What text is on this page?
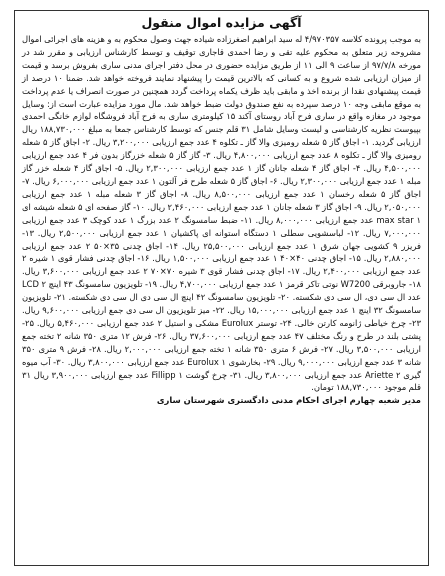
آگهی مزایده اموال منقول

به موجب پرونده کلاسه ۴/۹۷۰۳۵۷ له سید ابراهیم اصغرزاده شیاده جهت وصول محکوم به و هزینه های اجرائی اموال مشروحه زیر متعلق به محکوم علیه تقی و رضا احمدی قاجاری توقیف و توسط کارشناس ارزیابی و مقرر شد در مورخه ۹۷/۷/۸ از ساعت ۹ الی ۱۱ از طریق مزایده حضوری در محل دفتر اجرای مدنی ساری بفروش برسد و قیمت از میزان ارزیابی شده شروع و به کسانی که بالاترین قیمت را پیشنهاد نمایند فروخته خواهد شد. ضمنا ۱۰ درصد از قیمت پیشنهادی نقدا از برنده اخذ و مابقی باید ظرف یکماه پرداخت گردد همچنین در صورت انصراف یا عدم پرداخت به موقع مابقی وجه ۱۰ درصد سپرده به نفع صندوق دولت ضبط خواهد شد. مال مورد مزایده عبارت است از: وسایل موجود در مغازه واقع در ساری فرح آباد روستای آکند ۱۵ کیلومتری ساری به فرح آباد فروشگاه لوازم خانگی احمدی بپیوست نظریه کارشناسی و لیست وسایل شامل ۳۱ قلم جنس که توسط کارشناس جمعا به مبلغ ۱۸۸,۷۳۰,۰۰۰ ریال ارزیابی گردید. ۱- اجاق گاز ۵ شعله رومیزی والا گاز ـ تکلوه ۴ عدد جمع ارزیابی ۳,۲۰۰,۰۰۰ ریال. ۲- اجاق گاز ۵ شعله رومیزی والا گاز ـ تکلوه ۸ عدد جمع ارزیابی ۴,۸۰۰,۰۰۰ ریال. ۳- گاز گاز ۵ شعله خزرگاز بدون فر ۴ عدد جمع ارزیابی ۴,۵۰۰,۰۰۰ ریال. ۴- اجاق گاز ۴ شعله جانان گاز ۱ عدد جمع ارزیابی ۲,۳۰۰,۰۰۰ ریال. ۵- اجاق گاز ۴ شعله خزر گاز مبله ۱ عدد جمع ارزیابی ۲,۳۰۰,۰۰۰ ریال. ۶- اجاق گاز ۵ شعله طرح فر آلتون ۱ عدد جمع ارزیابی ۶,۰۰۰,۰۰۰ ریال. ۷- اجاق گاز ۵ شعله رخسان ۱ عدد جمع ارزیابی ۸,۵۰۰,۰۰۰ ریال. ۸- اجاق گاز ۳ شعله مبله ۱ عدد جمع ارزیابی ۲,۰۵۰,۰۰۰ ریال. ۹- اجاق گاز ۳ شعله جانان ۱ عدد جمع ارزیابی ۲,۴۶۰,۰۰۰ ریال. ۱۰- گاز صفحه ای ۵ شعله شیشه ای max star ۱ عدد جمع ارزیابی ۸,۰۰۰,۰۰۰ ریال. ۱۱- ضبط سامسونگ ۲ عدد بزرگ ۱ عدد کوچک ۳ عدد جمع ارزیابی ۷,۰۰۰,۰۰۰ ریال. ۱۲- لباسشویی سطلی ۱ دستگاه استوانه ای پاکشیان ۱ عدد جمع ارزیابی ۲,۵۰۰,۰۰۰ ریال. ۱۳- فریزر ۹ کشویی جهان شرق ۱ عدد جمع ارزیابی ۲۵,۵۰۰,۰۰۰ ریال. ۱۴- اجاق چدنی ۳۵×۵۰ ۲ عدد جمع ارزیابی ۲,۸۸۰,۰۰۰ ریال. ۱۵- اجاق چدنی ۴۰×۴۰ ۱ عدد جمع ارزیابی ۱,۵۰۰,۰۰۰ ریال. ۱۶- اجاق چدنی فشار قوی ۱ شیره ۲ عدد جمع ارزیابی ۲,۴۰۰,۰۰۰ ریال. ۱۷- اجاق چدنی فشار قوی ۳ شیره ۷۰×۷۰ ۲ عدد جمع ارزیابی ۳,۶۰۰,۰۰۰ ریال. ۱۸- جاروبرقی W7200 نوتی تاکر قرمز ۱ عدد جمع ارزیابی ۴,۷۰۰,۰۰۰ ریال. ۱۹- تلویزیون سامسونگ ۴۳ اینچ LCD ۲ عدد ال سی دی، ال سی دی شکسته. ۲۰- تلویزیون سامسونگ ۴۲ اینچ ال سی دی ال سی دی شکسته. ۲۱- تلویزیون سامسونگ ۳۲ اینچ ۱ عدد جمع ارزیابی ۱۵,۰۰۰,۰۰۰ ریال. ۲۲- میز تلویزیون ال سی دی جمع ارزیابی ۹,۶۰۰,۰۰۰ ریال. ۲۳- چرخ خیاطی ژانومه کارتن خالی. ۲۴- توستر Eurolux مشکی و استیل ۲ عدد جمع ارزیابی ۵,۴۶۰,۰۰۰ ریال. ۲۵- پشتی بلند در طرح و رنگ مختلف ۴۷ عدد جمع ارزیابی ۳۷,۶۰۰,۰۰۰ ریال. ۲۶- فرش ۱۲ متری ۳۵۰ شانه ۲ تخته جمع ارزیابی ۳,۵۰۰,۰۰۰ ریال. ۲۷- فرش ۶ متری ۳۵۰ شانه ۱ تخته جمع ارزیابی ۲,۰۰۰,۰۰۰ ریال. ۲۸- فرش ۹ متری ۳۵۰ شانه ۳ عدد جمع ارزیابی ۹,۰۰۰,۰۰۰ ریال. ۲۹- بخارشوی Eurolux ۱ عدد جمع ارزیابی ۳,۸۰۰,۰۰۰ ریال. ۳۰- آب میوه گیری Ariette ۲ عدد جمع ارزیابی ۳,۸۰۰,۰۰۰ ریال. ۳۱- چرخ گوشت Fillipp ۱ عدد جمع ارزیابی ۳,۹۰۰,۰۰۰ ریال ۳۱ قلم موجود ۱۸۸,۷۳۰,۰۰۰ تومان.

مدیر شعبه چهارم اجرای احکام مدنی دادگستری شهرستان ساری
